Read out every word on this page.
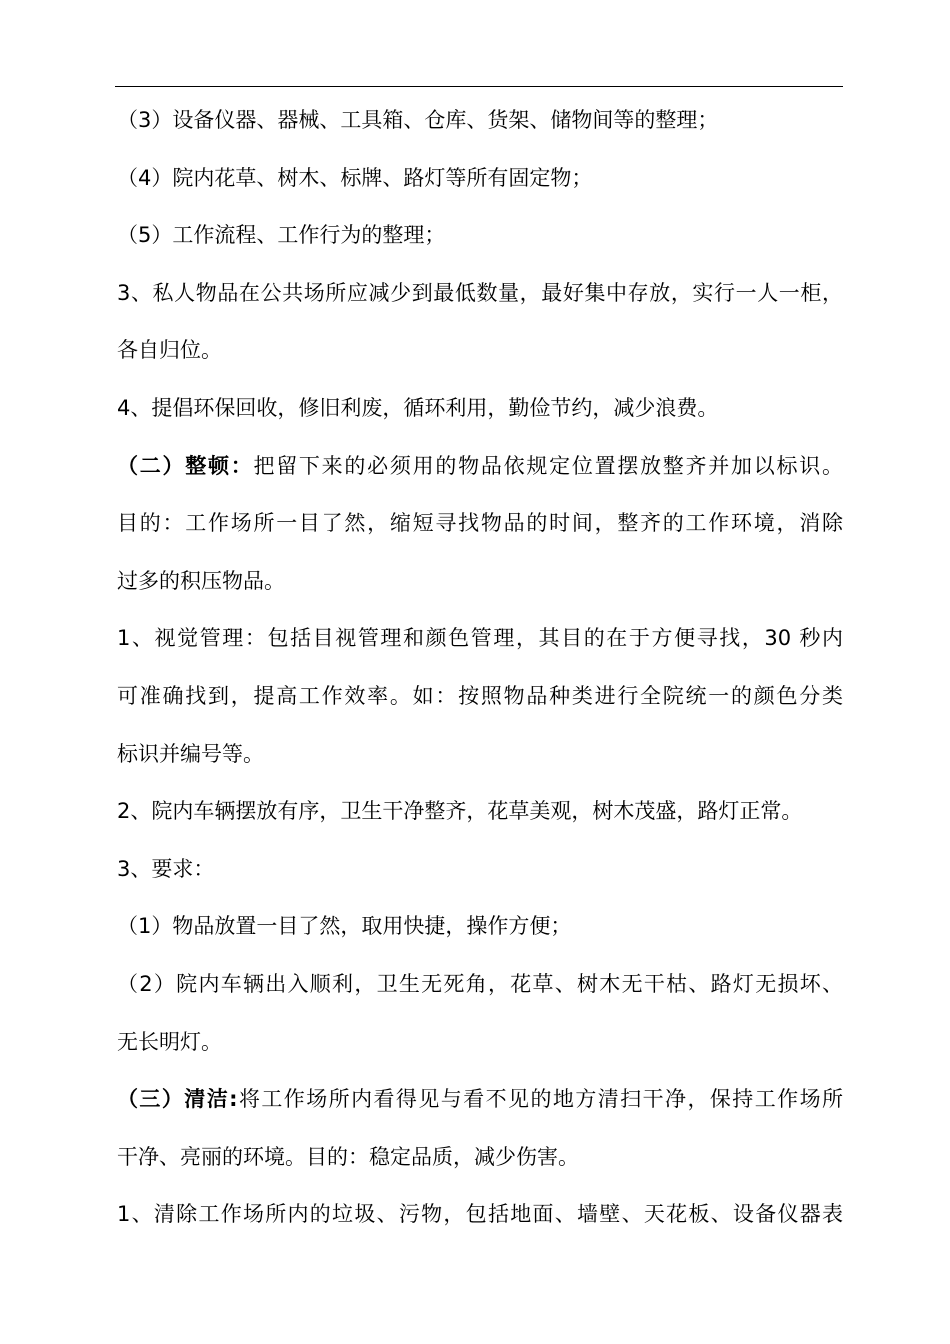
（3）设备仪器、器械、工具箱、仓库、货架、储物间等的整理；
（4）院内花草、树木、标牌、路灯等所有固定物；
（5）工作流程、工作行为的整理；
3、私人物品在公共场所应减少到最低数量，最好集中存放，实行一人一柜，
各自归位。
4、提倡环保回收，修旧利废，循环利用，勤俭节约，减少浪费。
（二）整顿：把留下来的必须用的物品依规定位置摆放整齐并加以标识。
目的：工作场所一目了然，缩短寻找物品的时间，整齐的工作环境，消除
过多的积压物品。
1、视觉管理：包括目视管理和颜色管理，其目的在于方便寻找，30 秒内
可准确找到，提高工作效率。如：按照物品种类进行全院统一的颜色分类
标识并编号等。
2、院内车辆摆放有序，卫生干净整齐，花草美观，树木茂盛，路灯正常。
3、要求：
（1）物品放置一目了然，取用快捷，操作方便；
（2）院内车辆出入顺利，卫生无死角，花草、树木无干枯、路灯无损坏、
无长明灯。
（三）清洁:将工作场所内看得见与看不见的地方清扫干净，保持工作场所
干净、亮丽的环境。目的：稳定品质，减少伤害。
1、清除工作场所内的垃圾、污物，包括地面、墙壁、天花板、设备仪器表
